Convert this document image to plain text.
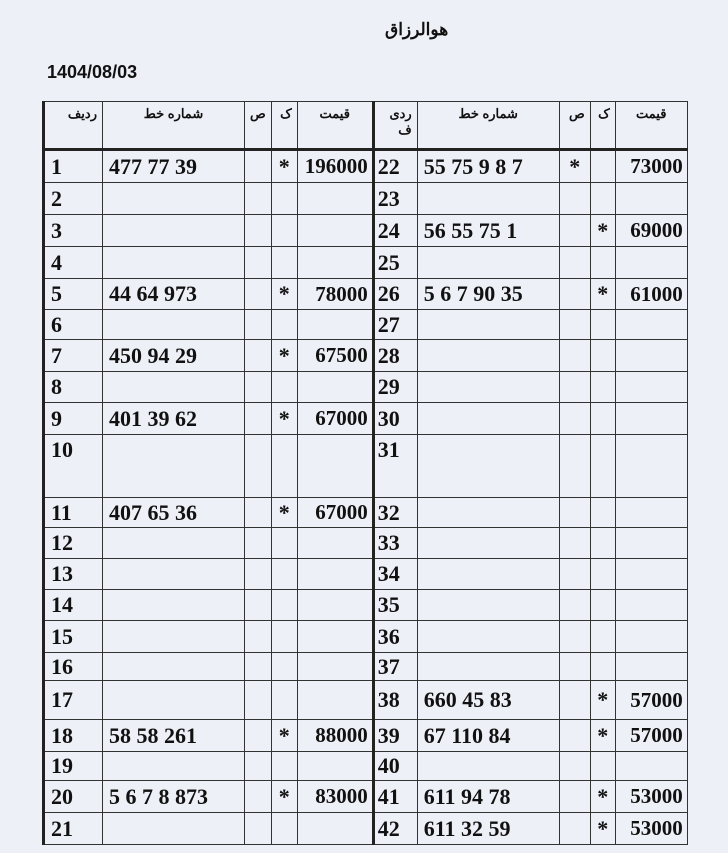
هوالرزاق
1404/08/03
ردیف	شماره خط	ص	ک	قیمت	ردی ف	شماره خط	ص	ک	قیمت
1	477 77 39		*	196000	22	55 75 9 8 7	*		73000
2					23				
3					24	56 55 75 1		*	69000
4					25				
5	44 64 973		*	78000	26	5 6 7 90 35		*	61000
6					27				
7	450 94 29		*	67500	28				
8					29				
9	401 39 62		*	67000	30				
10					31				
11	407 65 36		*	67000	32				
12					33				
13					34				
14					35				
15					36				
16					37				
17					38	660 45 83		*	57000
18	58 58 261		*	88000	39	67 110 84		*	57000
19					40				
20	5 6 7 8 873		*	83000	41	611 94 78		*	53000
21					42	611 32 59		*	53000
